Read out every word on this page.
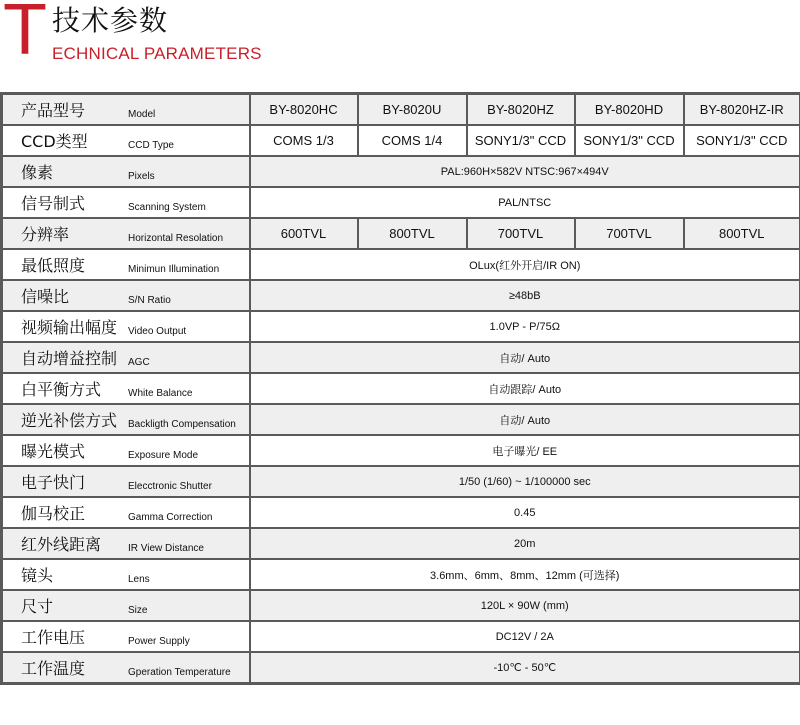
T 技术参数
ECHNICAL PARAMETERS
产品型号 Model	BY-8020HC	BY-8020U	BY-8020HZ	BY-8020HD	BY-8020HZ-IR

CCD类型 CCD Type	COMS 1/3	COMS 1/4	SONY1/3" CCD	SONY1/3" CCD	SONY1/3" CCD

像素 Pixels	PAL:960H×582V NTSC:967×494V				

信号制式 Scanning System	PAL/NTSC				

分辨率 Horizontal Resolation	600TVL	800TVL	700TVL	700TVL	800TVL

最低照度 Minimun Illumination	OLux(红外开启/IR ON)				

信噪比 S/N Ratio	≥48bB				

视频输出幅度 Video Output	1.0VP - P/75Ω				

自动增益控制 AGC	自动/ Auto				

白平衡方式 White Balance	自动跟踪/ Auto				

逆光补偿方式 Backligth Compensation	自动/ Auto				

曝光模式 Exposure Mode	电子曝光/ EE				

电子快门 Elecctronic Shutter	1/50 (1/60) ~ 1/100000 sec				

伽马校正 Gamma Correction	0.45				

红外线距离 IR View Distance	20m				

镜头 Lens	3.6mm、6mm、8mm、12mm (可选择)				

尺寸 Size	120L × 90W (mm)				

工作电压 Power Supply	DC12V / 2A				

工作温度 Gperation Temperature	-10℃ - 50℃				
